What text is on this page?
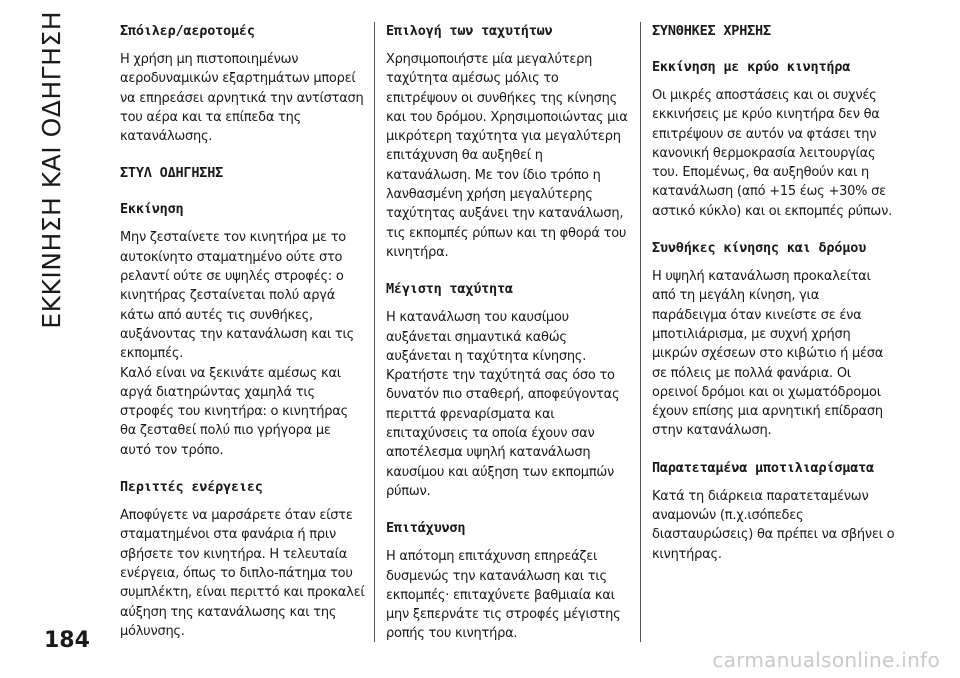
ΕΚΚΙΝΗΣΗ ΚΑΙ ΟΔΗΓΗΣΗ	Σπόιλερ/αεροτομές

Η χρήση μη πιστοποιημένων αεροδυναμικών εξαρτημάτων μπορεί να επηρεάσει αρνητικά την αντίσταση του αέρα και τα επίπεδα της κατανάλωσης.

ΣΤΥΛ ΟΔΗΓΗΣΗΣ
Εκκίνηση

Μην ζεσταίνετε τον κινητήρα με το αυτοκίνητο σταματημένο ούτε στο ρελαντί ούτε σε υψηλές στροφές: ο κινητήρας ζεσταίνεται πολύ αργά κάτω από αυτές τις συνθήκες, αυξάνοντας την κατανάλωση και τις εκπομπές.

Καλό είναι να ξεκινάτε αμέσως και αργά διατηρώντας χαμηλά τις στροφές του κινητήρα: ο κινητήρας θα ζεσταθεί πολύ πιο γρήγορα με αυτό τον τρόπο.

Περιττές ενέργειες

Αποφύγετε να μαρσάρετε όταν είστε σταματημένοι στα φανάρια ή πριν σβήσετε τον κινητήρα. Η τελευταία ενέργεια, όπως το διπλο-πάτημα του συμπλέκτη, είναι περιττό και προκαλεί αύξηση της κατανάλωσης και της μόλυνσης.

Επιλογή των ταχυτήτων

Χρησιμοποιήστε μία μεγαλύτερη ταχύτητα αμέσως μόλις το επιτρέψουν οι συνθήκες της κίνησης και του δρόμου. Χρησιμοποιώντας μια μικρότερη ταχύτητα για μεγαλύτερη επιτάχυνση θα αυξηθεί η κατανάλωση. Με τον ίδιο τρόπο η λανθασμένη χρήση μεγαλύτερης ταχύτητας αυξάνει την κατανάλωση, τις εκπομπές ρύπων και τη φθορά του κινητήρα.

Μέγιστη ταχύτητα

Η κατανάλωση του καυσίμου αυξάνεται σημαντικά καθώς αυξάνεται η ταχύτητα κίνησης. Κρατήστε την ταχύτητά σας όσο το δυνατόν πιο σταθερή, αποφεύγοντας περιττά φρεναρίσματα και επιταχύνσεις τα οποία έχουν σαν αποτέλεσμα υψηλή κατανάλωση καυσίμου και αύξηση των εκπομπών ρύπων.

Επιτάχυνση

Η απότομη επιτάχυνση επηρεάζει δυσμενώς την κατανάλωση και τις εκπομπές· επιταχύνετε βαθμιαία και μην ξεπερνάτε τις στροφές μέγιστης ροπής του κινητήρα.

ΣΥΝΘΗΚΕΣ ΧΡΗΣΗΣ
Εκκίνηση με κρύο κινητήρα

Οι μικρές αποστάσεις και οι συχνές εκκινήσεις με κρύο κινητήρα δεν θα επιτρέψουν σε αυτόν να φτάσει την κανονική θερμοκρασία λειτουργίας του. Επομένως, θα αυξηθούν και η κατανάλωση (από +15 έως +30% σε αστικό κύκλο) και οι εκπομπές ρύπων.

Συνθήκες κίνησης και δρόμου

Η υψηλή κατανάλωση προκαλείται από τη μεγάλη κίνηση, για παράδειγμα όταν κινείστε σε ένα μποτιλιάρισμα, με συχνή χρήση μικρών σχέσεων στο κιβώτιο ή μέσα σε πόλεις με πολλά φανάρια. Οι ορεινοί δρόμοι και οι χωματόδρομοι έχουν επίσης μια αρνητική επίδραση στην κατανάλωση.

Παρατεταμένα μποτιλιαρίσματα

Κατά τη διάρκεια παρατεταμένων αναμονών (π.χ.ισόπεδες διασταυρώσεις) θα πρέπει να σβήνει ο κινητήρας.

184
carmanualsonline.info
